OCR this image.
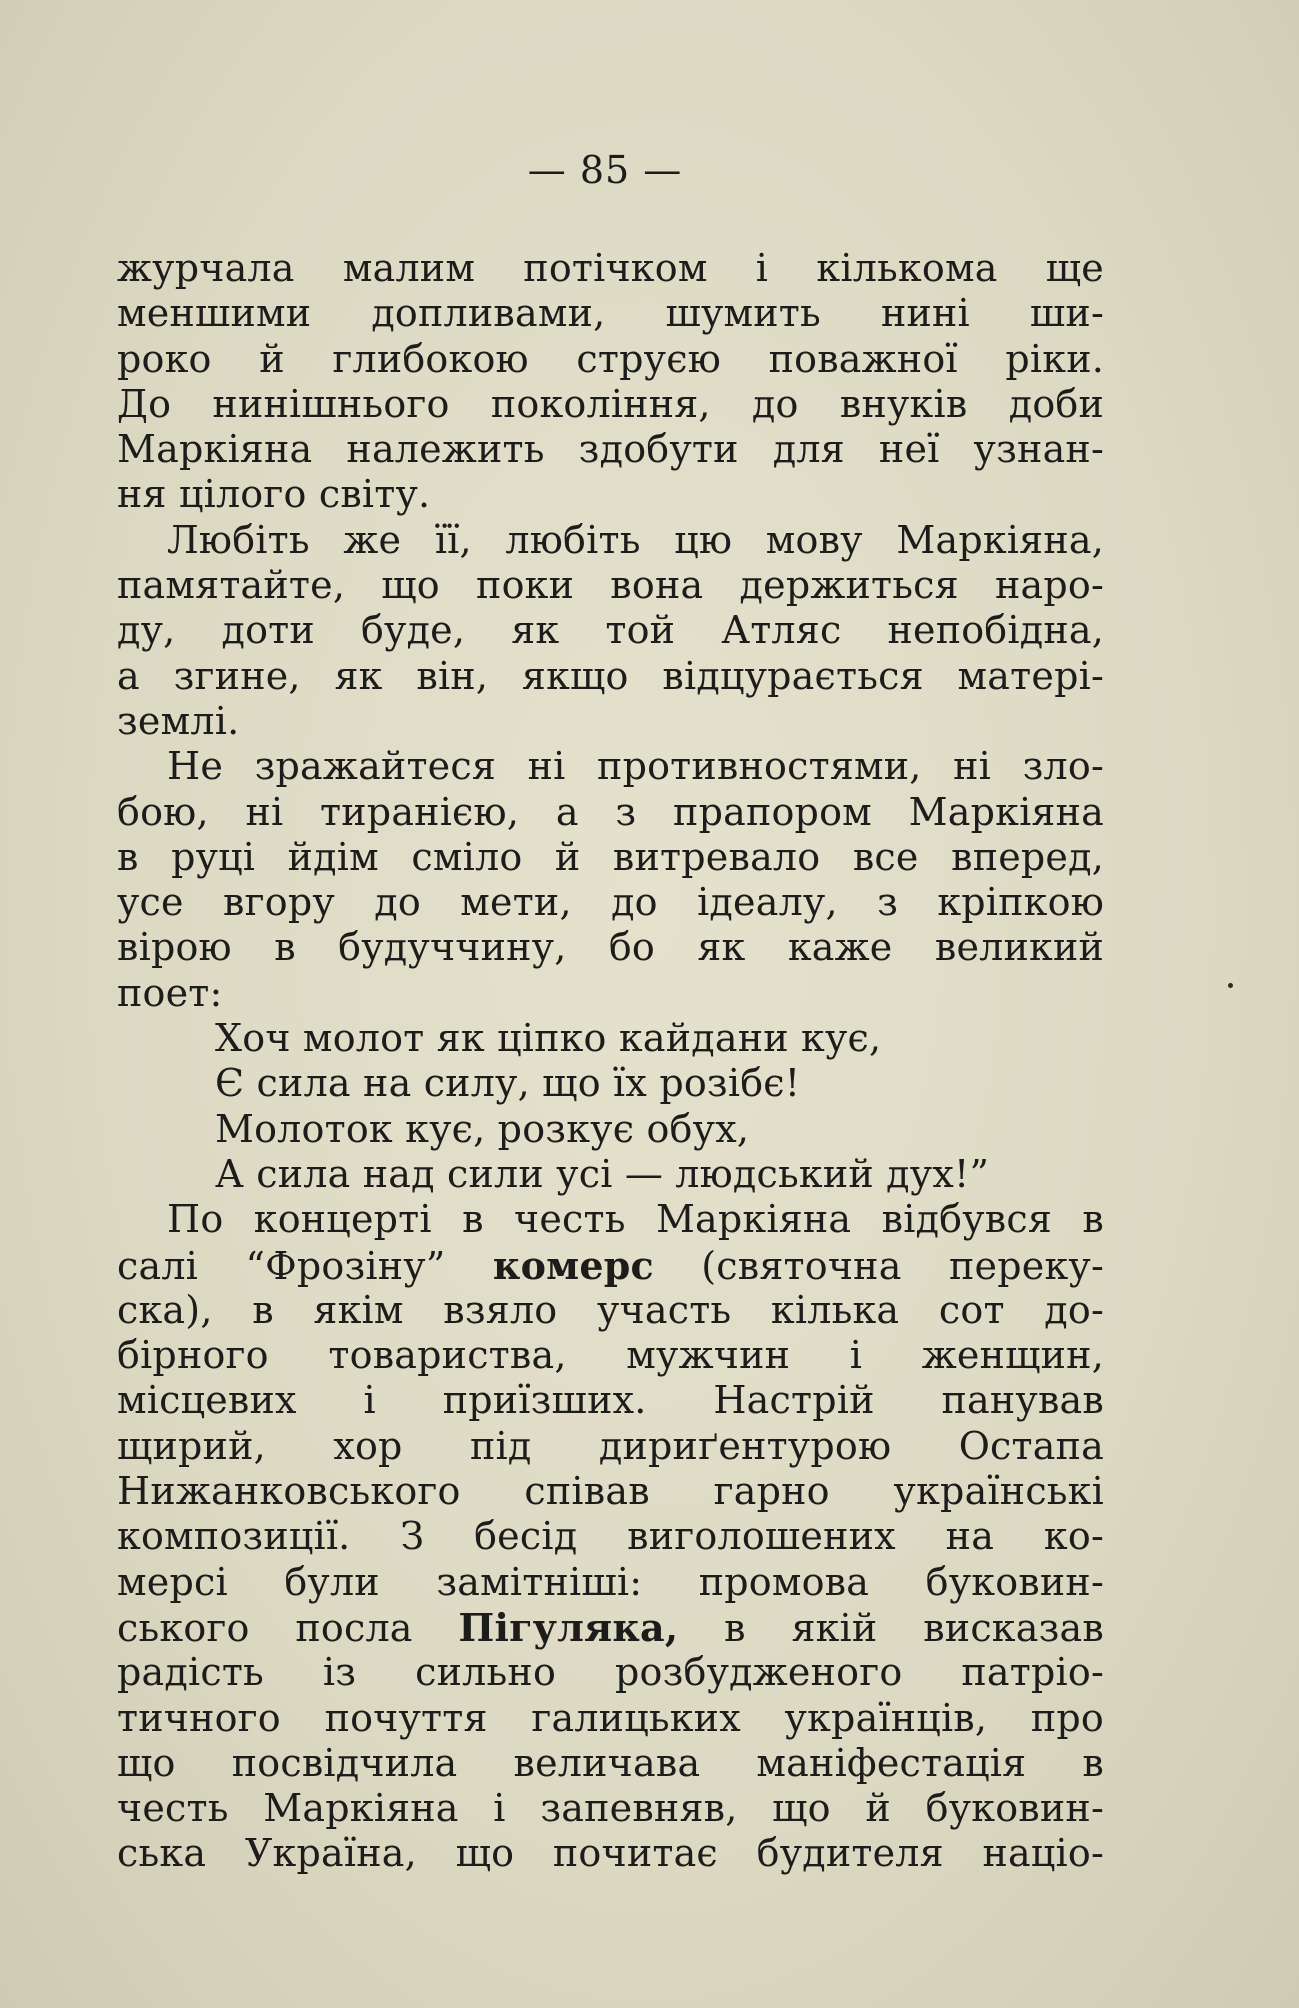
— 85 —
журчала малим потічком і кількома ще
меншими допливами, шумить нині ши-
роко й глибокою струєю поважної ріки.
До нинішнього покоління, до внуків доби
Маркіяна належить здобути для неї узнан-
ня цілого світу.
Любіть же її, любіть цю мову Маркіяна,
памятайте, що поки вона держиться наро-
ду, доти буде, як той Атляс непобідна,
а згине, як він, якщо відцурається матері-
землі.
Не зражайтеся ні противностями, ні зло-
бою, ні тиранією, а з прапором Маркіяна
в руці йдім сміло й витревало все вперед,
усе вгору до мети, до ідеалу, з кріпкою
вірою в будуччину, бо як каже великий
поет:
Хоч молот як ціпко кайдани кує,
Є сила на силу, що їх розібє!
Молоток кує, розкує обух,
А сила над сили усі — людський дух!”
По концерті в честь Маркіяна відбувся в
салі “Фрозіну” комерс (святочна переку-
ска), в якім взяло участь кілька сот до-
бірного товариства, мужчин і женщин,
місцевих і приїзших. Настрій панував
щирий, хор під дириґентурою Остапа
Нижанковського співав гарно українські
композиції. З бесід виголошених на ко-
мерсі були замітніші: промова буковин-
ського посла Пігуляка, в якій висказав
радість із сильно розбудженого патріо-
тичного почуття галицьких українців, про
що посвідчила величава маніфестація в
честь Маркіяна і запевняв, що й буковин-
ська Україна, що почитає будителя націо-
